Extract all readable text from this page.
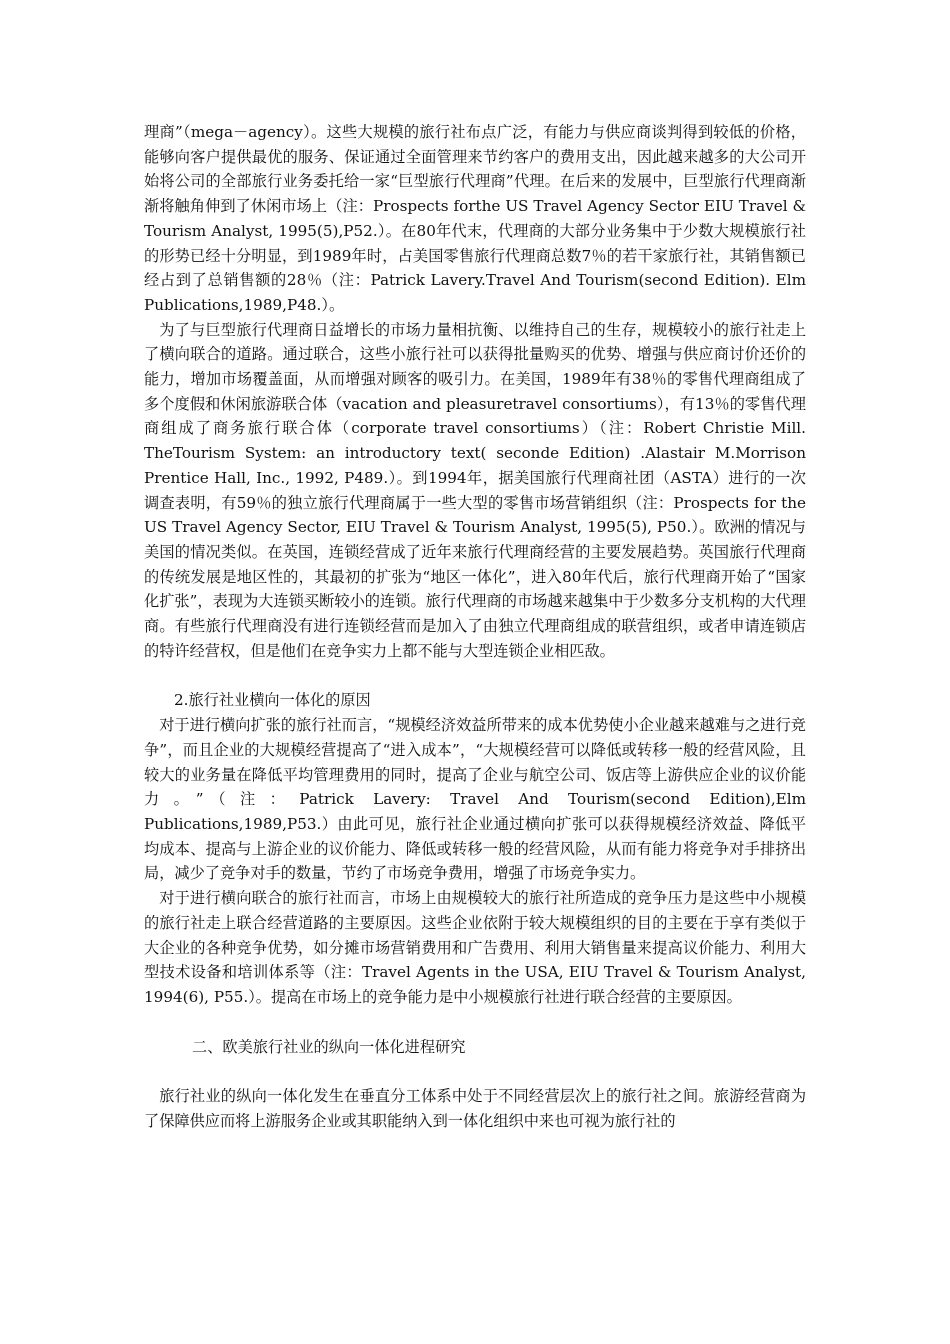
理商”（mega－agency）。这些大规模的旅行社布点广泛，有能力与供应商谈判得到较低的价格，能够向客户提供最优的服务、保证通过全面管理来节约客户的费用支出，因此越来越多的大公司开始将公司的全部旅行业务委托给一家“巨型旅行代理商”代理。在后来的发展中，巨型旅行代理商渐渐将触角伸到了休闲市场上（注：Prospects forthe US Travel Agency Sector EIU Travel & Tourism Analyst, 1995(5),P52.）。在80年代末，代理商的大部分业务集中于少数大规模旅行社的形势已经十分明显，到1989年时，占美国零售旅行代理商总数7％的若干家旅行社，其销售额已经占到了总销售额的28％（注：Patrick Lavery.Travel And Tourism(second Edition). Elm Publications,1989,P48.）。

为了与巨型旅行代理商日益增长的市场力量相抗衡、以维持自己的生存，规模较小的旅行社走上了横向联合的道路。通过联合，这些小旅行社可以获得批量购买的优势、增强与供应商讨价还价的能力，增加市场覆盖面，从而增强对顾客的吸引力。在美国，1989年有38％的零售代理商组成了多个度假和休闲旅游联合体（vacation and pleasuretravel consortiums），有13％的零售代理商组成了商务旅行联合体（corporate travel consortiums）（注：Robert Christie Mill. TheTourism System: an introductory text( seconde Edition) .Alastair M.Morrison Prentice Hall, Inc., 1992, P489.）。到1994年，据美国旅行代理商社团（ASTA）进行的一次调查表明，有59％的独立旅行代理商属于一些大型的零售市场营销组织（注：Prospects for the US Travel Agency Sector, EIU Travel & Tourism Analyst, 1995(5), P50.）。欧洲的情况与美国的情况类似。在英国，连锁经营成了近年来旅行代理商经营的主要发展趋势。英国旅行代理商的传统发展是地区性的，其最初的扩张为“地区一体化”，进入80年代后，旅行代理商开始了“国家化扩张”，表现为大连锁买断较小的连锁。旅行代理商的市场越来越集中于少数多分支机构的大代理商。有些旅行代理商没有进行连锁经营而是加入了由独立代理商组成的联营组织，或者申请连锁店的特许经营权，但是他们在竞争实力上都不能与大型连锁企业相匹敌。

2.旅行社业横向一体化的原因

对于进行横向扩张的旅行社而言，“规模经济效益所带来的成本优势使小企业越来越难与之进行竞争”，而且企业的大规模经营提高了“进入成本”，“大规模经营可以降低或转移一般的经营风险，且较大的业务量在降低平均管理费用的同时，提高了企业与航空公司、饭店等上游供应企业的议价能力。”（注：Patrick Lavery: Travel And Tourism(second Edition),Elm Publications,1989,P53.）由此可见，旅行社企业通过横向扩张可以获得规模经济效益、降低平均成本、提高与上游企业的议价能力、降低或转移一般的经营风险，从而有能力将竞争对手排挤出局，减少了竞争对手的数量，节约了市场竞争费用，增强了市场竞争实力。

对于进行横向联合的旅行社而言，市场上由规模较大的旅行社所造成的竞争压力是这些中小规模的旅行社走上联合经营道路的主要原因。这些企业依附于较大规模组织的目的主要在于享有类似于大企业的各种竞争优势，如分摊市场营销费用和广告费用、利用大销售量来提高议价能力、利用大型技术设备和培训体系等（注：Travel Agents in the USA, EIU Travel & Tourism Analyst, 1994(6), P55.）。提高在市场上的竞争能力是中小规模旅行社进行联合经营的主要原因。

二、欧美旅行社业的纵向一体化进程研究

旅行社业的纵向一体化发生在垂直分工体系中处于不同经营层次上的旅行社之间。旅游经营商为了保障供应而将上游服务企业或其职能纳入到一体化组织中来也可视为旅行社的
